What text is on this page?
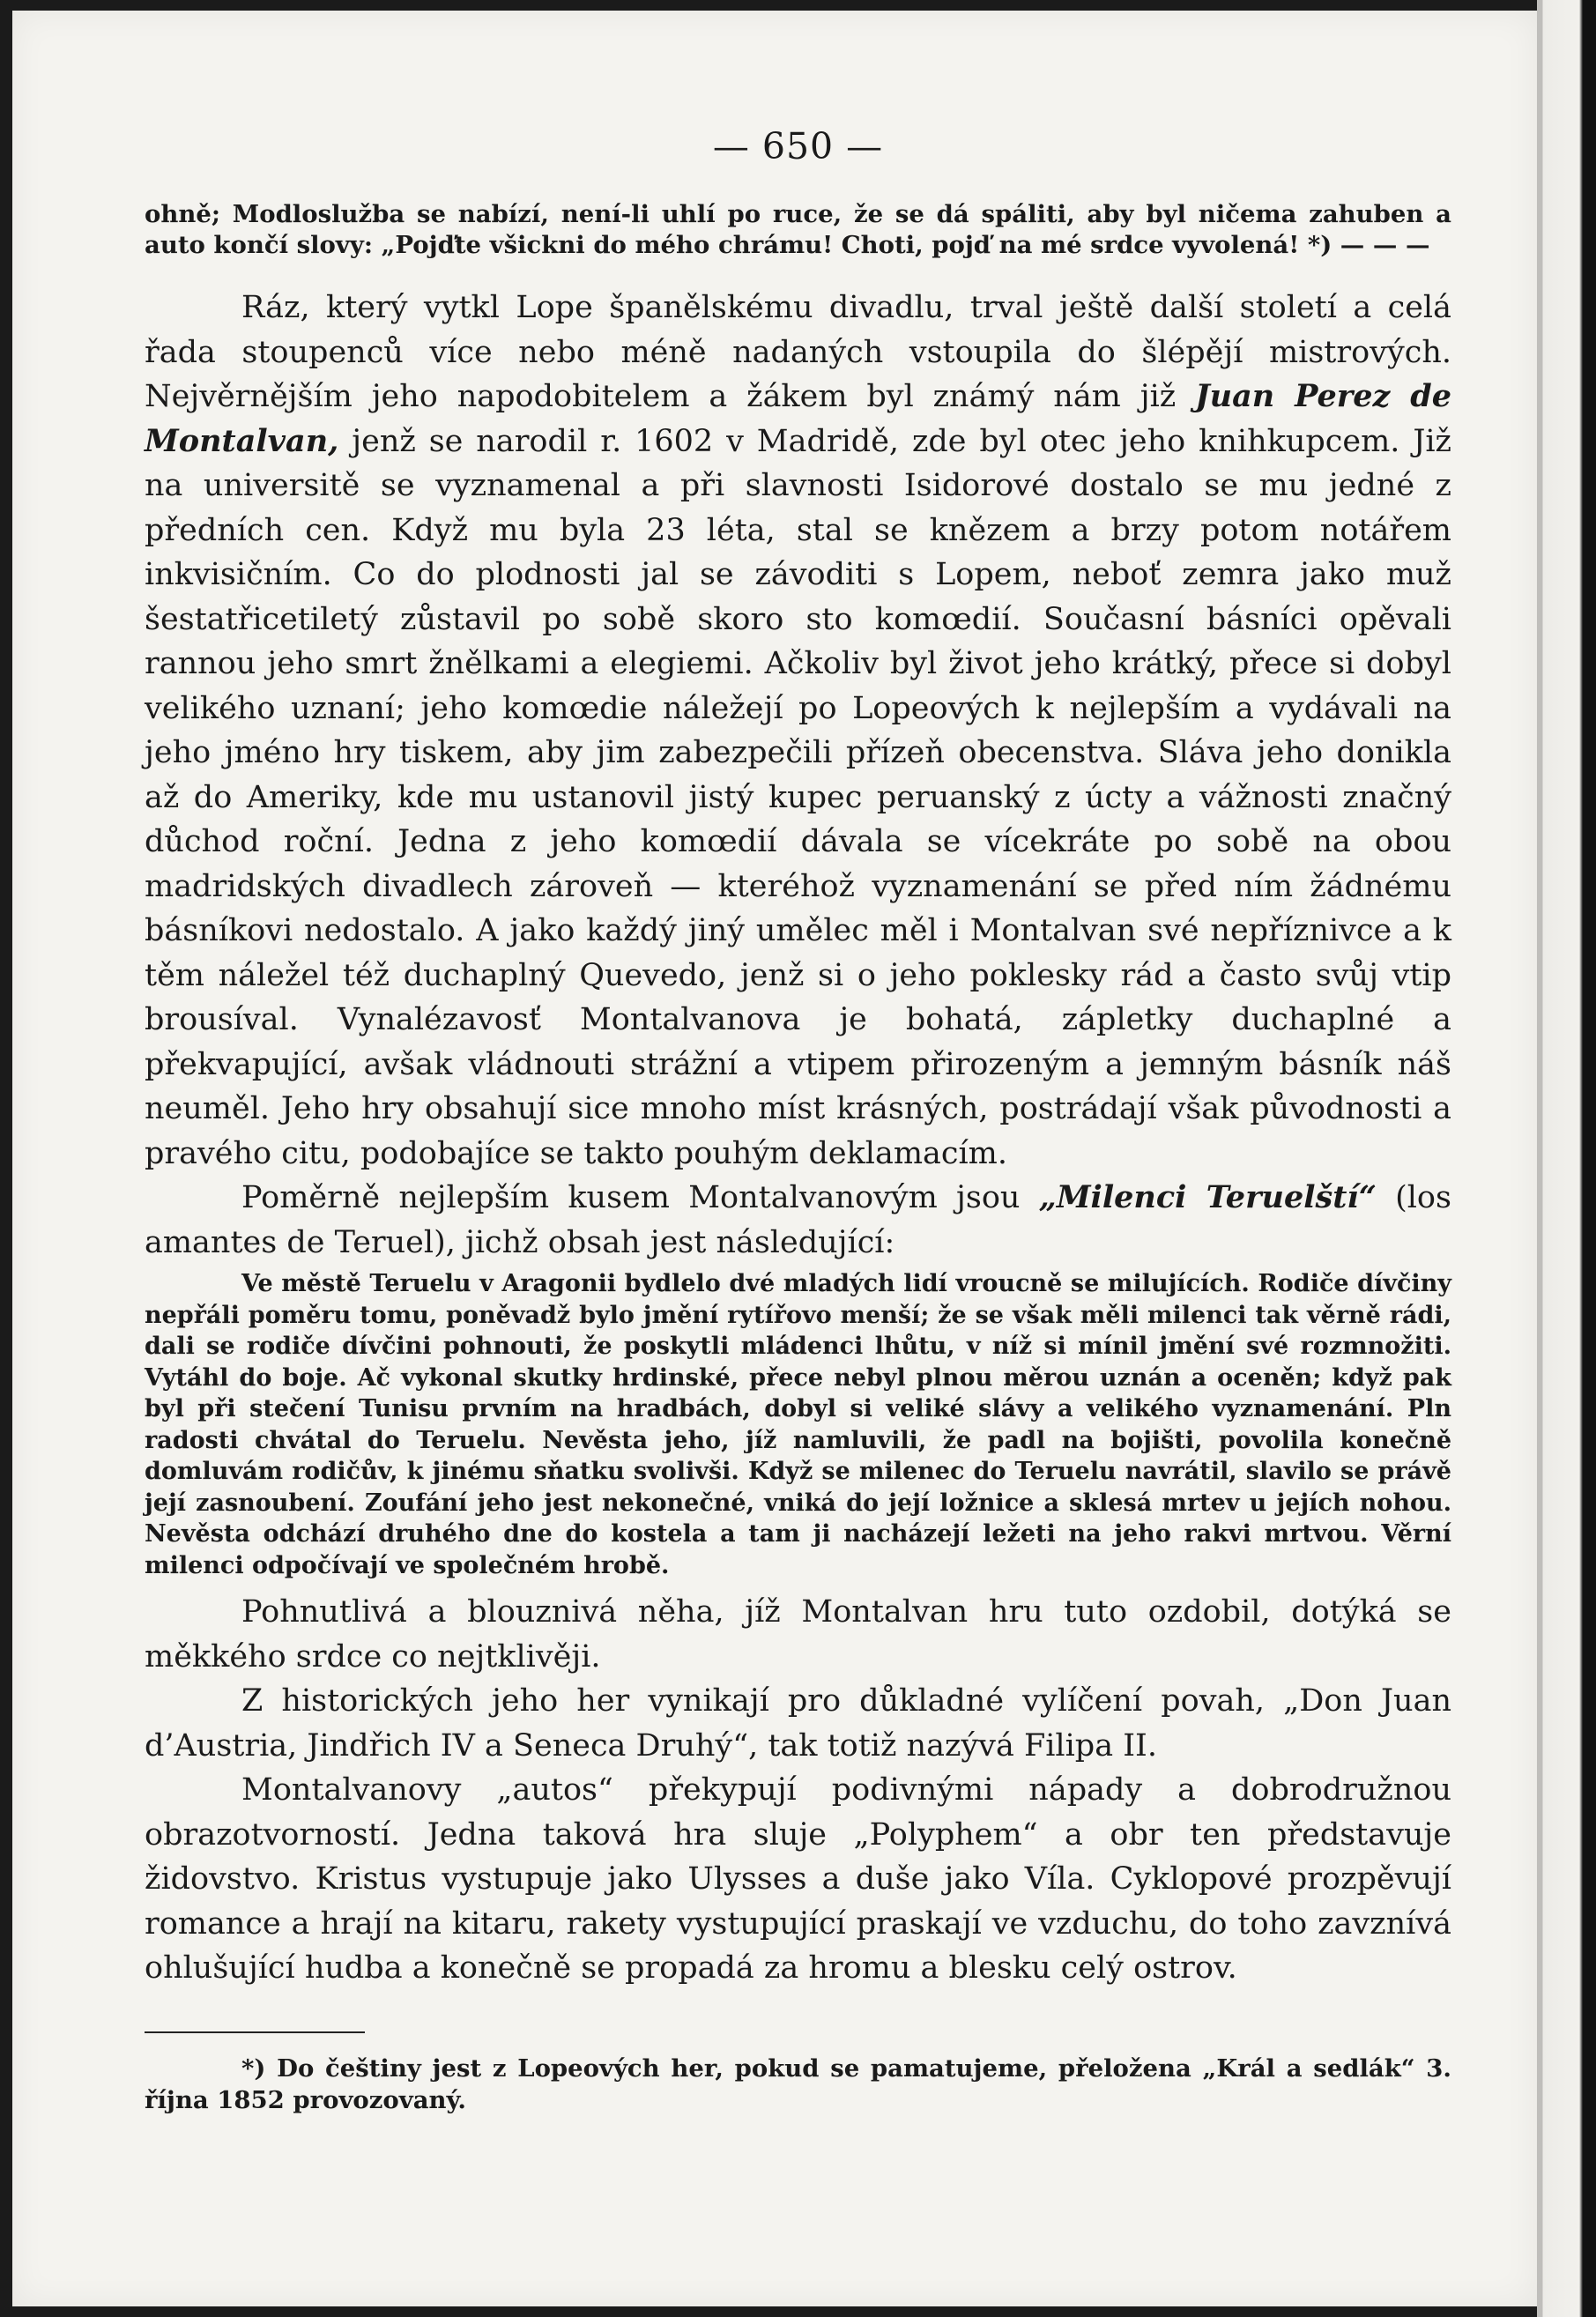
— 650 —

ohně; Modloslužba se nabízí, není-li uhlí po ruce, že se dá spáliti, aby byl ničema zahuben a auto končí slovy: „Pojďte všickni do mého chrámu! Choti, pojď na mé srdce vyvolená! *) — — —

Ráz, který vytkl Lope španělskému divadlu, trval ještě další století a celá řada stoupenců více nebo méně nadaných vstoupila do šlépějí mistrových. Nejvěrnějším jeho napodobitelem a žákem byl známý nám již Juan Perez de Montalvan, jenž se narodil r. 1602 v Madridě, zde byl otec jeho knihkupcem. Již na universitě se vyznamenal a při slavnosti Isidorové dostalo se mu jedné z předních cen. Když mu byla 23 léta, stal se knězem a brzy potom notářem inkvisičním. Co do plodnosti jal se závoditi s Lopem, neboť zemra jako muž šestatřicetiletý zůstavil po sobě skoro sto komœdií. Současní básníci opěvali rannou jeho smrt žnělkami a elegiemi. Ačkoliv byl život jeho krátký, přece si dobyl velikého uznaní; jeho komœdie náležejí po Lopeových k nejlepším a vydávali na jeho jméno hry tiskem, aby jim zabezpečili přízeň obecenstva. Sláva jeho donikla až do Ameriky, kde mu ustanovil jistý kupec peruanský z úcty a vážnosti značný důchod roční. Jedna z jeho komœdií dávala se vícekráte po sobě na obou madridských divadlech zároveň — kteréhož vyznamenání se před ním žádnému básníkovi nedostalo. A jako každý jiný umělec měl i Montalvan své nepříznivce a k těm náležel též duchaplný Quevedo, jenž si o jeho poklesky rád a často svůj vtip brousíval. Vynalézavosť Montalvanova je bohatá, zápletky duchaplné a překvapující, avšak vládnouti strážní a vtipem přirozeným a jemným básník náš neuměl. Jeho hry obsahují sice mnoho míst krásných, postrádají však původnosti a pravého citu, podobajíce se takto pouhým deklamacím.

Poměrně nejlepším kusem Montalvanovým jsou „Milenci Teruelští“ (los amantes de Teruel), jichž obsah jest následující:

Ve městě Teruelu v Aragonii bydlelo dvé mladých lidí vroucně se milujících. Rodiče dívčiny nepřáli poměru tomu, poněvadž bylo jmění rytířovo menší; že se však měli milenci tak věrně rádi, dali se rodiče dívčini pohnouti, že poskytli mládenci lhůtu, v níž si mínil jmění své rozmnožiti. Vytáhl do boje. Ač vykonal skutky hrdinské, přece nebyl plnou měrou uznán a oceněn; když pak byl při stečení Tunisu prvním na hradbách, dobyl si veliké slávy a velikého vyznamenání. Pln radosti chvátal do Teruelu. Nevěsta jeho, jíž namluvili, že padl na bojišti, povolila konečně domluvám rodičův, k jinému sňatku svolivši. Když se milenec do Teruelu navrátil, slavilo se právě její zasnoubení. Zoufání jeho jest nekonečné, vniká do její ložnice a sklesá mrtev u jejích nohou. Nevěsta odchází druhého dne do kostela a tam ji nacházejí ležeti na jeho rakvi mrtvou. Věrní milenci odpočívají ve společném hrobě.

Pohnutlivá a blouznivá něha, jíž Montalvan hru tuto ozdobil, dotýká se měkkého srdce co nejtklivěji.

Z historických jeho her vynikají pro důkladné vylíčení povah, „Don Juan d’Austria, Jindřich IV a Seneca Druhý“, tak totiž nazývá Filipa II.

Montalvanovy „autos“ překypují podivnými nápady a dobrodružnou obrazotvorností. Jedna taková hra sluje „Polyphem“ a obr ten představuje židovstvo. Kristus vystupuje jako Ulysses a duše jako Víla. Cyklopové prozpěvují romance a hrají na kitaru, rakety vystupující praskají ve vzduchu, do toho zavznívá ohlušující hudba a konečně se propadá za hromu a blesku celý ostrov.

*) Do češtiny jest z Lopeových her, pokud se pamatujeme, přeložena „Král a sedlák“ 3. října 1852 provozovaný.
